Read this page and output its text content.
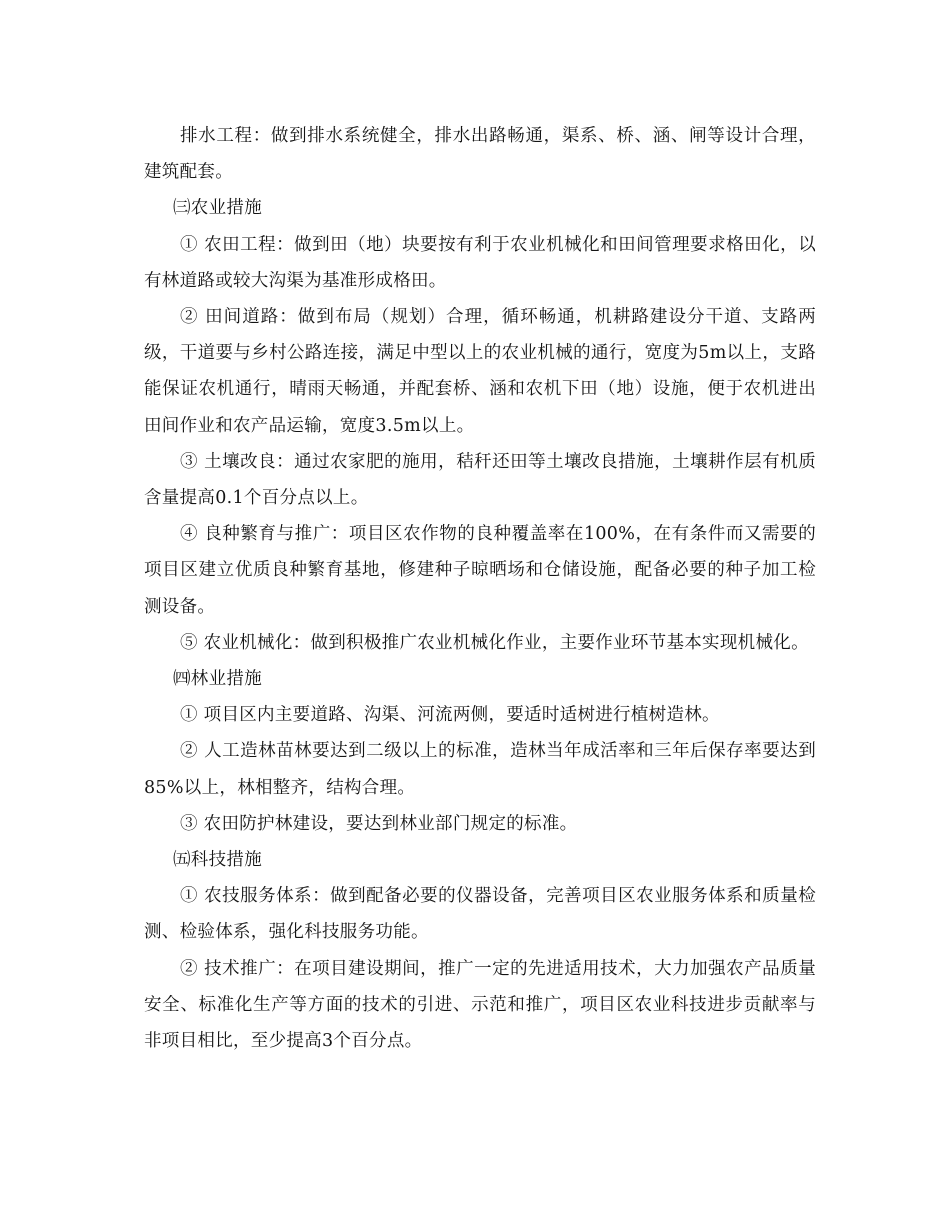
排水工程：做到排水系统健全，排水出路畅通，渠系、桥、涵、闸等设计合理，建筑配套。

㈢农业措施

① 农田工程：做到田（地）块要按有利于农业机械化和田间管理要求格田化，以有林道路或较大沟渠为基准形成格田。

② 田间道路：做到布局（规划）合理，循环畅通，机耕路建设分干道、支路两级，干道要与乡村公路连接，满足中型以上的农业机械的通行，宽度为5m以上，支路能保证农机通行，晴雨天畅通，并配套桥、涵和农机下田（地）设施，便于农机进出田间作业和农产品运输，宽度3.5m以上。

③ 土壤改良：通过农家肥的施用，秸秆还田等土壤改良措施，土壤耕作层有机质含量提高0.1个百分点以上。

④ 良种繁育与推广：项目区农作物的良种覆盖率在100%，在有条件而又需要的项目区建立优质良种繁育基地，修建种子晾晒场和仓储设施，配备必要的种子加工检测设备。

⑤ 农业机械化：做到积极推广农业机械化作业，主要作业环节基本实现机械化。

㈣林业措施

① 项目区内主要道路、沟渠、河流两侧，要适时适树进行植树造林。

② 人工造林苗林要达到二级以上的标准，造林当年成活率和三年后保存率要达到85%以上，林相整齐，结构合理。

③ 农田防护林建设，要达到林业部门规定的标准。

㈤科技措施

① 农技服务体系：做到配备必要的仪器设备，完善项目区农业服务体系和质量检测、检验体系，强化科技服务功能。

② 技术推广：在项目建设期间，推广一定的先进适用技术，大力加强农产品质量安全、标准化生产等方面的技术的引进、示范和推广，项目区农业科技进步贡献率与非项目相比，至少提高3个百分点。
